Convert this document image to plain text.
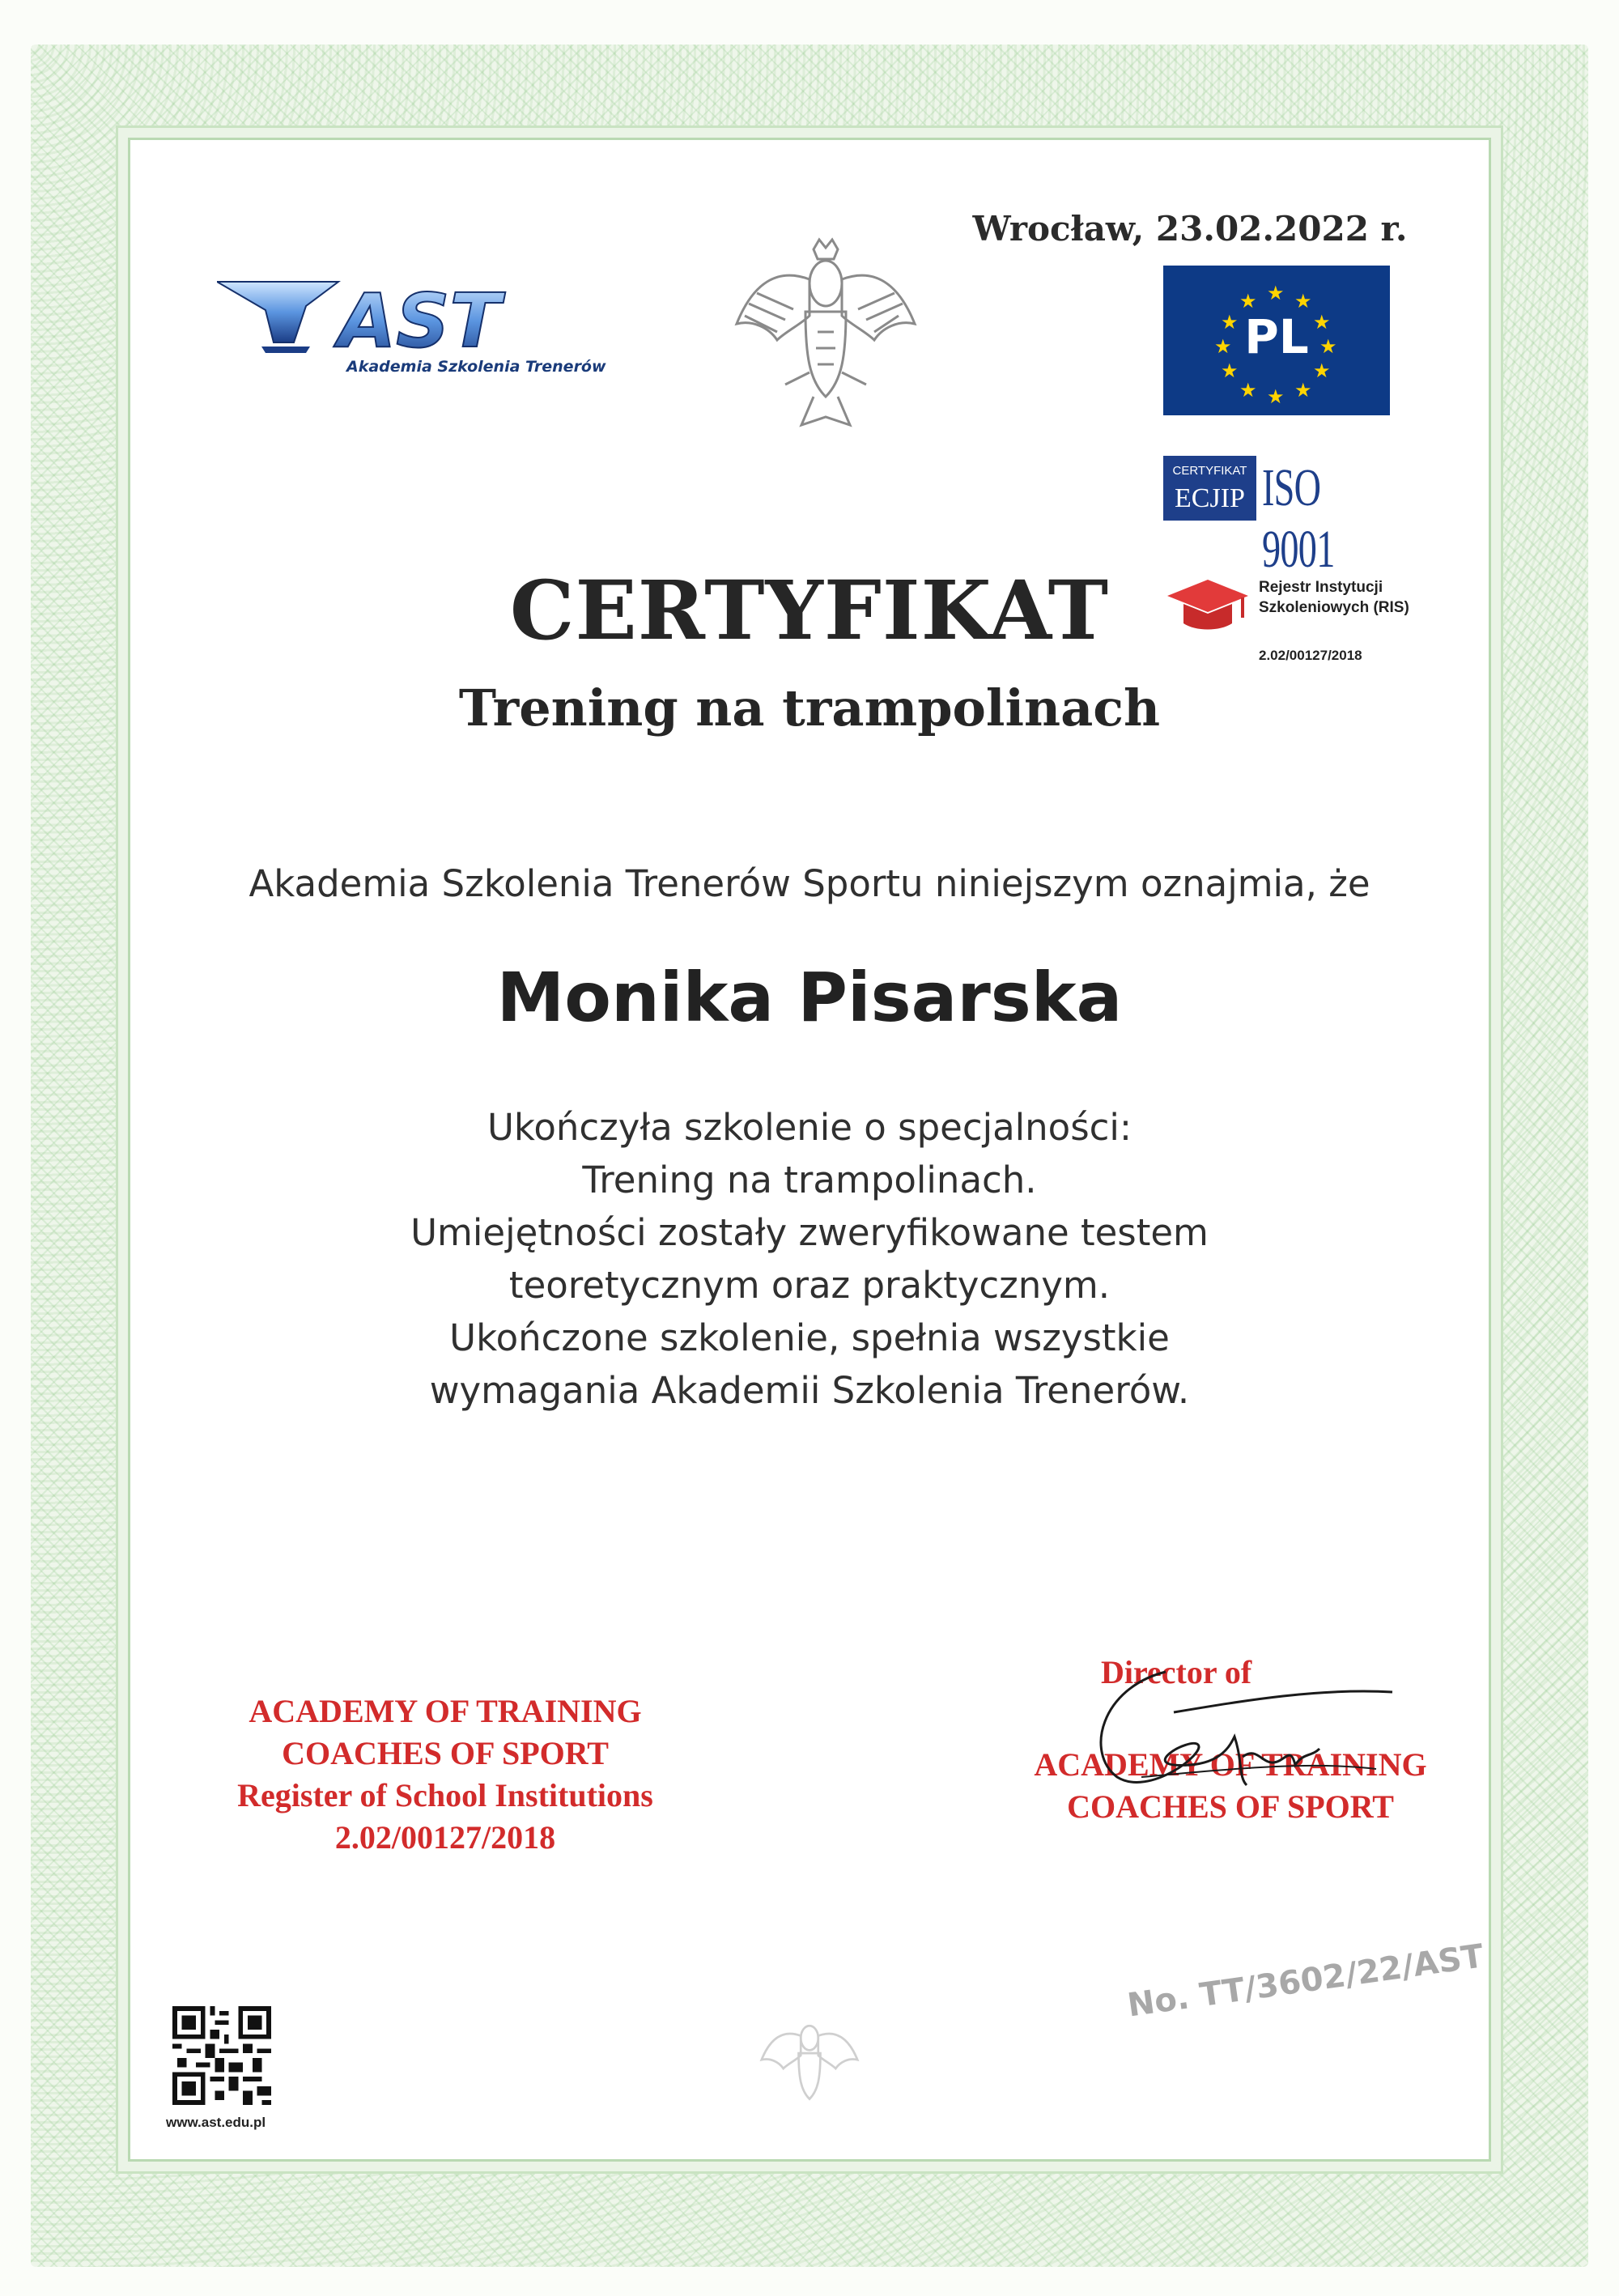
AST
Akademia Szkolenia Trenerów
Wrocław, 23.02.2022 r.
★ ★
★
★
★
★
★
★
★
★
★
★
PL
CERTYFIKAT
ECJIP ISO 9001
Rejestr Instytucji Szkoleniowych (RIS)
2.02/00127/2018
CERTYFIKAT
Trening na trampolinach
Akademia Szkolenia Trenerów Sportu niniejszym oznajmia, że
Monika Pisarska
Ukończyła szkolenie o specjalności:
Trening na trampolinach.
Umiejętności zostały zweryfikowane testem
teoretycznym oraz praktycznym.
Ukończone szkolenie, spełnia wszystkie
wymagania Akademii Szkolenia Trenerów.
ACADEMY OF TRAINING
COACHES OF SPORT
Register of School Institutions
2.02/00127/2018
Director of
ACADEMY OF TRAINING
COACHES OF SPORT
www.ast.edu.pl
No. TT/3602/22/AST
